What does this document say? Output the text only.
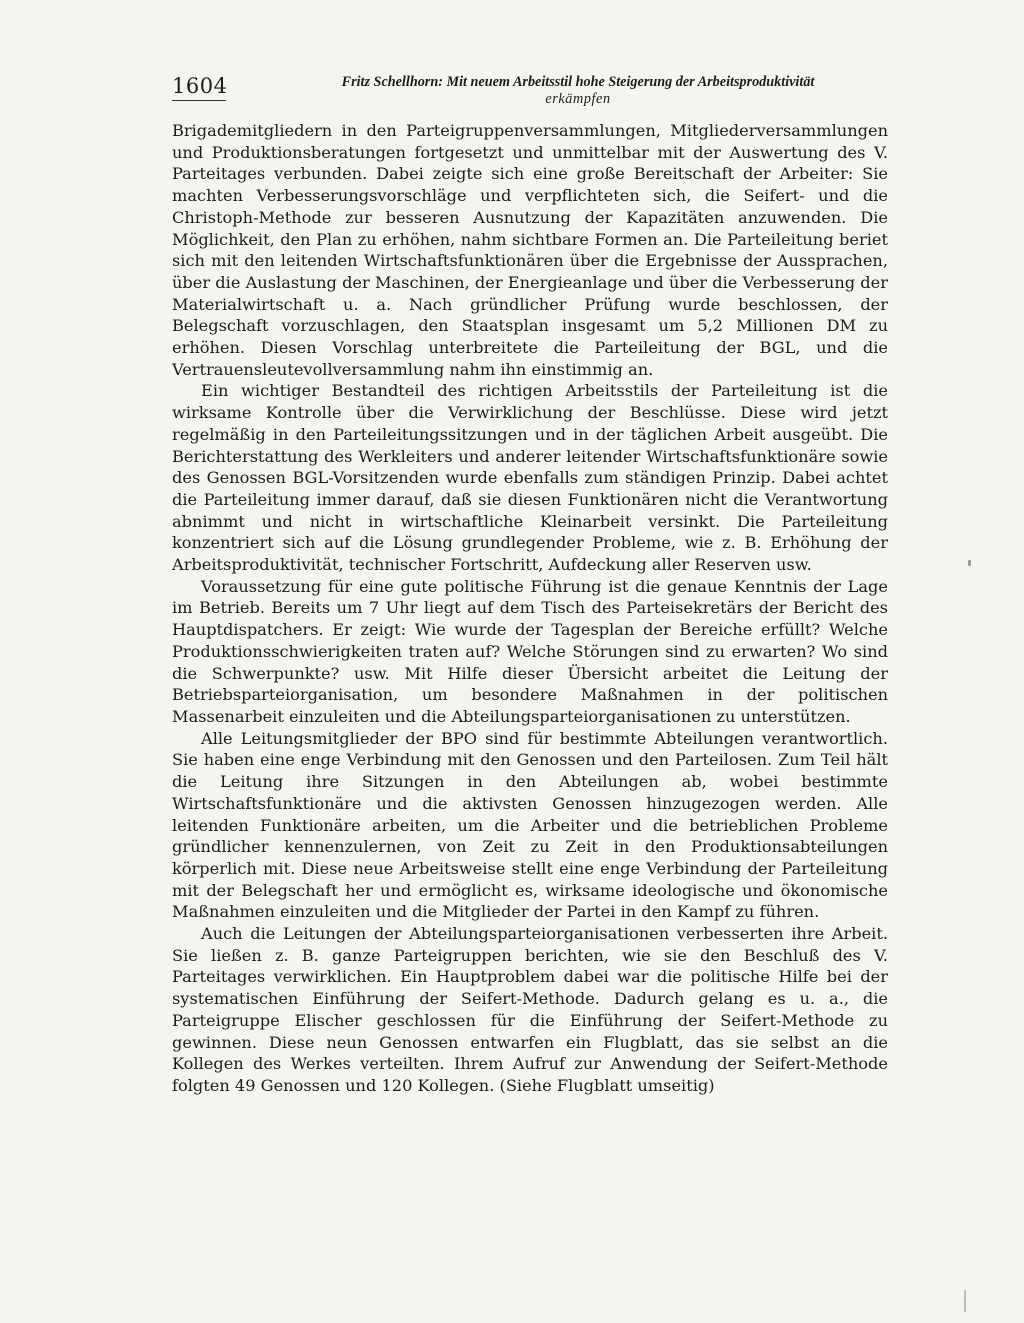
1604	Fritz Schellhorn: Mit neuem Arbeitsstil hohe Steigerung der Arbeitsproduktivität
erkämpfen

Brigademitgliedern in den Parteigruppenversammlungen, Mitgliederversammlungen und Produktionsberatungen fortgesetzt und unmittelbar mit der Auswertung des V. Parteitages verbunden. Dabei zeigte sich eine große Bereitschaft der Arbeiter: Sie machten Verbesserungsvorschläge und verpflichteten sich, die Seifert- und die Christoph-Methode zur besseren Ausnutzung der Kapazitäten anzuwenden. Die Möglichkeit, den Plan zu erhöhen, nahm sichtbare Formen an. Die Parteileitung beriet sich mit den leitenden Wirtschaftsfunktionären über die Ergebnisse der Aussprachen, über die Auslastung der Maschinen, der Energieanlage und über die Verbesserung der Materialwirtschaft u. a. Nach gründlicher Prüfung wurde beschlossen, der Belegschaft vorzuschlagen, den Staatsplan insgesamt um 5,2 Millionen DM zu erhöhen. Diesen Vorschlag unterbreitete die Parteileitung der BGL, und die Vertrauensleutevollversammlung nahm ihn einstimmig an.

Ein wichtiger Bestandteil des richtigen Arbeitsstils der Parteileitung ist die wirksame Kontrolle über die Verwirklichung der Beschlüsse. Diese wird jetzt regelmäßig in den Parteileitungssitzungen und in der täglichen Arbeit ausgeübt. Die Berichterstattung des Werkleiters und anderer leitender Wirtschaftsfunktionäre sowie des Genossen BGL-Vorsitzenden wurde ebenfalls zum ständigen Prinzip. Dabei achtet die Parteileitung immer darauf, daß sie diesen Funktionären nicht die Verantwortung abnimmt und nicht in wirtschaftliche Kleinarbeit versinkt. Die Parteileitung konzentriert sich auf die Lösung grundlegender Probleme, wie z. B. Erhöhung der Arbeitsproduktivität, technischer Fortschritt, Aufdeckung aller Reserven usw.

Voraussetzung für eine gute politische Führung ist die genaue Kenntnis der Lage im Betrieb. Bereits um 7 Uhr liegt auf dem Tisch des Parteisekretärs der Bericht des Hauptdispatchers. Er zeigt: Wie wurde der Tagesplan der Bereiche erfüllt? Welche Produktionsschwierigkeiten traten auf? Welche Störungen sind zu erwarten? Wo sind die Schwerpunkte? usw. Mit Hilfe dieser Übersicht arbeitet die Leitung der Betriebsparteiorganisation, um besondere Maßnahmen in der politischen Massenarbeit einzuleiten und die Abteilungsparteiorganisationen zu unterstützen.

Alle Leitungsmitglieder der BPO sind für bestimmte Abteilungen verantwortlich. Sie haben eine enge Verbindung mit den Genossen und den Parteilosen. Zum Teil hält die Leitung ihre Sitzungen in den Abteilungen ab, wobei bestimmte Wirtschaftsfunktionäre und die aktivsten Genossen hinzugezogen werden. Alle leitenden Funktionäre arbeiten, um die Arbeiter und die betrieblichen Probleme gründlicher kennenzulernen, von Zeit zu Zeit in den Produktionsabteilungen körperlich mit. Diese neue Arbeitsweise stellt eine enge Verbindung der Parteileitung mit der Belegschaft her und ermöglicht es, wirksame ideologische und ökonomische Maßnahmen einzuleiten und die Mitglieder der Partei in den Kampf zu führen.

Auch die Leitungen der Abteilungsparteiorganisationen verbesserten ihre Arbeit. Sie ließen z. B. ganze Parteigruppen berichten, wie sie den Beschluß des V. Parteitages verwirklichen. Ein Hauptproblem dabei war die politische Hilfe bei der systematischen Einführung der Seifert-Methode. Dadurch gelang es u. a., die Parteigruppe Elischer geschlossen für die Einführung der Seifert-Methode zu gewinnen. Diese neun Genossen entwarfen ein Flugblatt, das sie selbst an die Kollegen des Werkes verteilten. Ihrem Aufruf zur Anwendung der Seifert-Methode folgten 49 Genossen und 120 Kollegen. (Siehe Flugblatt umseitig)
